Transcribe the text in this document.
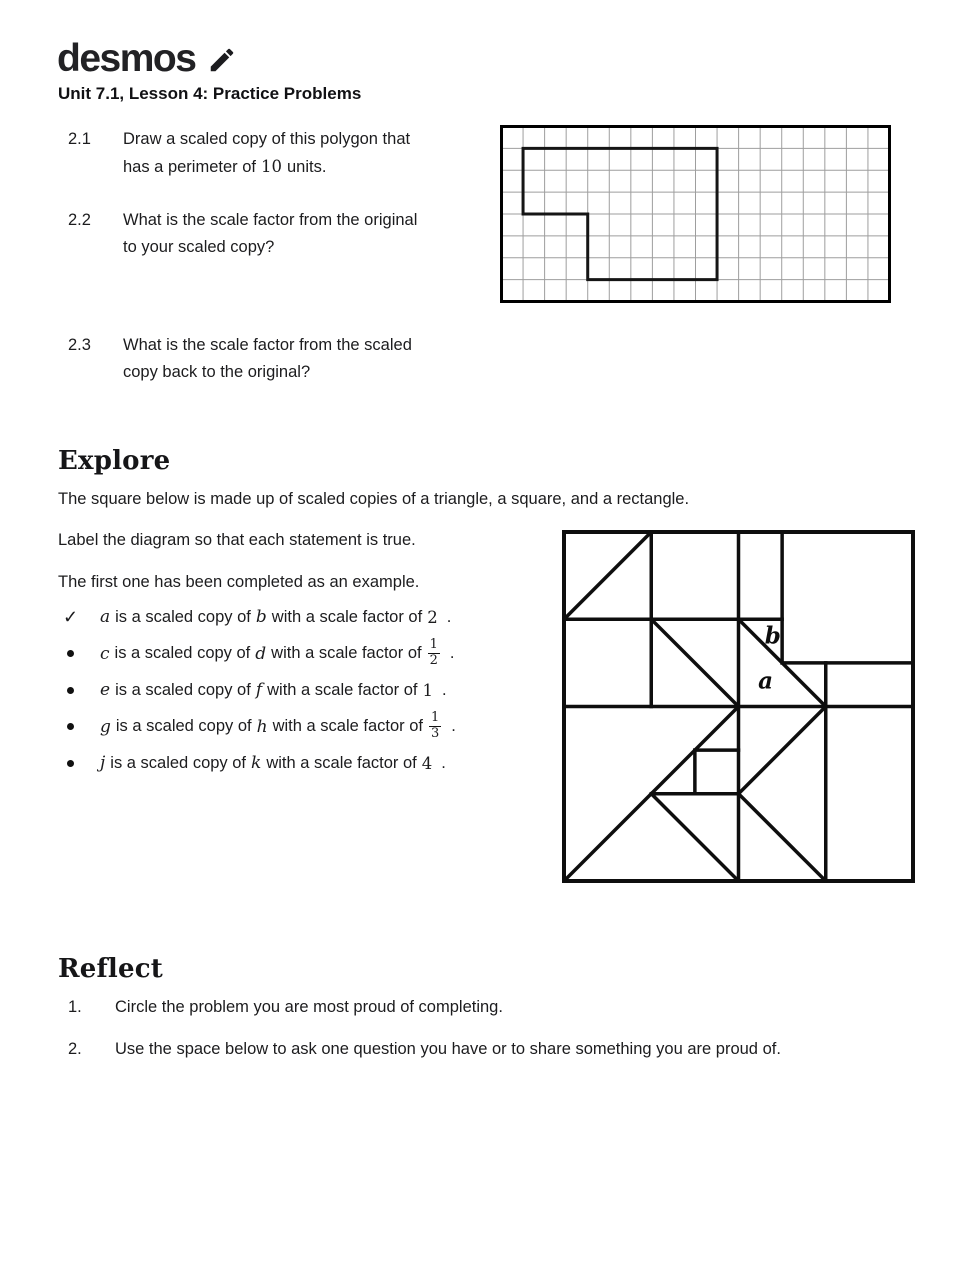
desmos
Unit 7.1, Lesson 4: Practice Problems
2.1	Draw a scaled copy of this polygon that
has a perimeter of 10 units.
2.2	What is the scale factor from the original
to your scaled copy?
2.3	What is the scale factor from the scaled
copy back to the original?
Explore
The square below is made up of scaled copies of a triangle, a square, and a rectangle.
Label the diagram so that each statement is true.
The first one has been completed as an example.
✓ a is a scaled copy of b with a scale factor of 2 .
c is a scaled copy of d with a scale factor of $\frac{1}{2}$ .
e is a scaled copy of f with a scale factor of 1 .
g is a scaled copy of h with a scale factor of $\frac{1}{3}$ .
j is a scaled copy of k with a scale factor of 4 .
b
a
Reflect
1.	Circle the problem you are most proud of completing.
2.	Use the space below to ask one question you have or to share something you are proud of.
